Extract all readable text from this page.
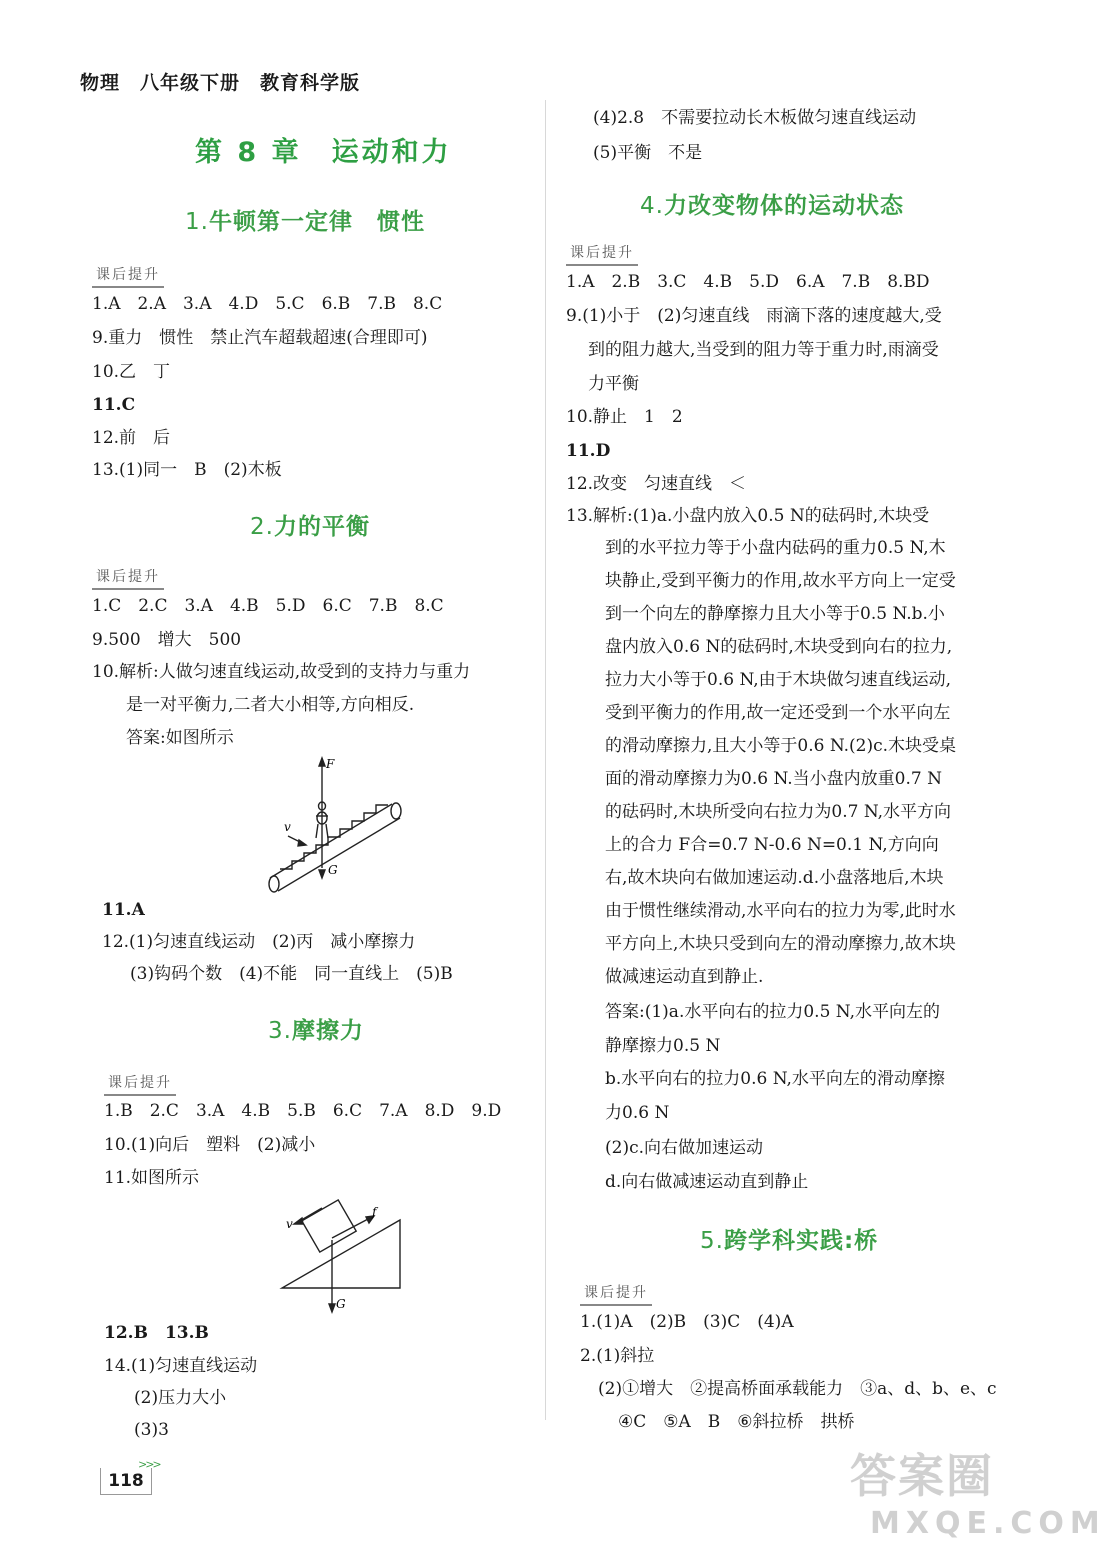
物理　八年级下册　教育科学版
第 8 章　运动和力
1.牛顿第一定律　惯性
课后提升
1.A　2.A　3.A　4.D　5.C　6.B　7.B　8.C
9.重力　惯性　禁止汽车超载超速(合理即可)
10.乙　丁
11.C
12.前　后
13.(1)同一　B　(2)木板
2.力的平衡
课后提升
1.C　2.C　3.A　4.B　5.D　6.C　7.B　8.C
9.500　增大　500
10.解析:人做匀速直线运动,故受到的支持力与重力
是一对平衡力,二者大小相等,方向相反.
答案:如图所示
F
v
G
11.A
12.(1)匀速直线运动　(2)丙　减小摩擦力
(3)钩码个数　(4)不能　同一直线上　(5)B
3.摩擦力
课后提升
1.B　2.C　3.A　4.B　5.B　6.C　7.A　8.D　9.D
10.(1)向后　塑料　(2)减小
11.如图所示
v
f
G
12.B　13.B
14.(1)匀速直线运动
(2)压力大小
(3)3
(4)2.8　不需要拉动长木板做匀速直线运动
(5)平衡　不是
4.力改变物体的运动状态
课后提升
1.A　2.B　3.C　4.B　5.D　6.A　7.B　8.BD
9.(1)小于　(2)匀速直线　雨滴下落的速度越大,受
到的阻力越大,当受到的阻力等于重力时,雨滴受
力平衡
10.静止　1　2
11.D
12.改变　匀速直线　＜
13.解析:(1)a.小盘内放入0.5 N的砝码时,木块受
到的水平拉力等于小盘内砝码的重力0.5 N,木
块静止,受到平衡力的作用,故水平方向上一定受
到一个向左的静摩擦力且大小等于0.5 N.b.小
盘内放入0.6 N的砝码时,木块受到向右的拉力,
拉力大小等于0.6 N,由于木块做匀速直线运动,
受到平衡力的作用,故一定还受到一个水平向左
的滑动摩擦力,且大小等于0.6 N.(2)c.木块受桌
面的滑动摩擦力为0.6 N.当小盘内放重0.7 N
的砝码时,木块所受向右拉力为0.7 N,水平方向
上的合力 F合=0.7 N-0.6 N=0.1 N,方向向
右,故木块向右做加速运动.d.小盘落地后,木块
由于惯性继续滑动,水平向右的拉力为零,此时水
平方向上,木块只受到向左的滑动摩擦力,故木块
做减速运动直到静止.
答案:(1)a.水平向右的拉力0.5 N,水平向左的
静摩擦力0.5 N
b.水平向右的拉力0.6 N,水平向左的滑动摩擦
力0.6 N
(2)c.向右做加速运动
d.向右做减速运动直到静止
5.跨学科实践:桥
课后提升
1.(1)A　(2)B　(3)C　(4)A
2.(1)斜拉
(2)①增大　②提高桥面承载能力　③a、d、b、e、c
④C　⑤A　B　⑥斜拉桥　拱桥
>>>
118	答案圈
MXQE.COM
